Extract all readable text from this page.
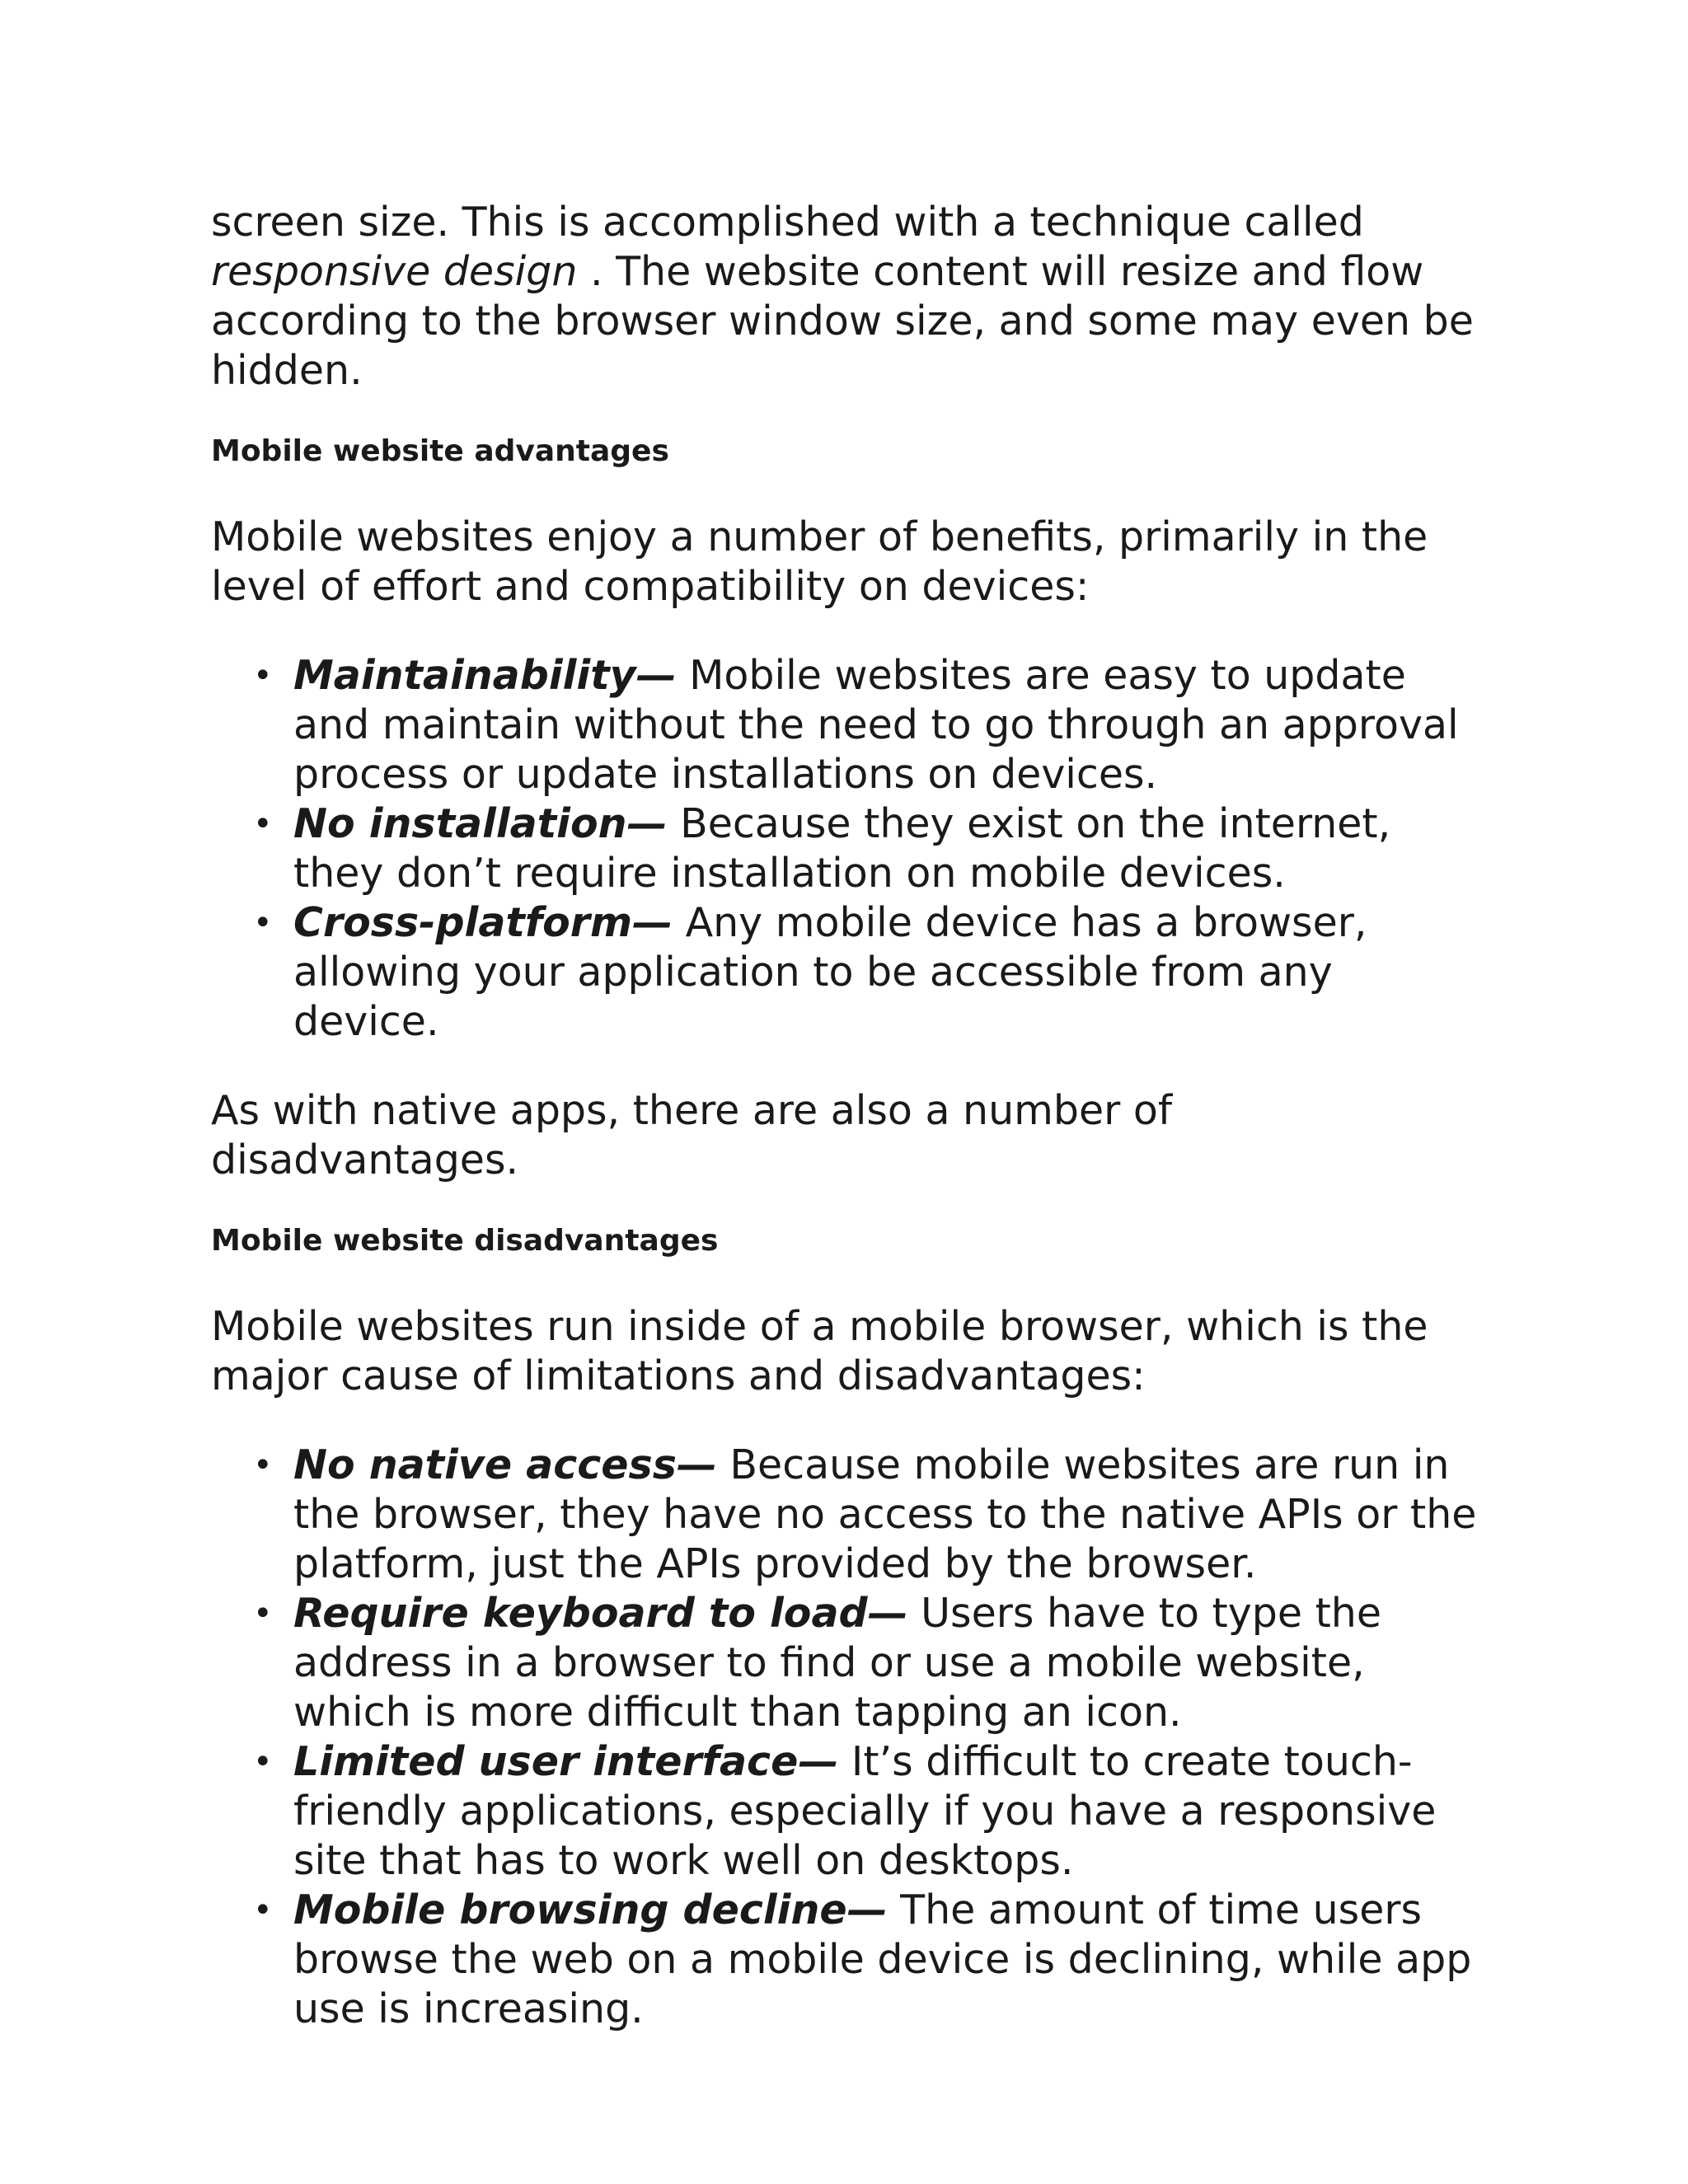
screen size. This is accomplished with a technique called responsive design . The website content will resize and flow according to the browser window size, and some may even be hidden.

Mobile website advantages

Mobile websites enjoy a number of benefits, primarily in the level of effort and compatibility on devices:

• Maintainability— Mobile websites are easy to update and maintain without the need to go through an approval process or update installations on devices.
• No installation— Because they exist on the internet, they don’t require installation on mobile devices.
• Cross-platform— Any mobile device has a browser, allowing your application to be accessible from any device.

As with native apps, there are also a number of disadvantages.

Mobile website disadvantages

Mobile websites run inside of a mobile browser, which is the major cause of limitations and disadvantages:

• No native access— Because mobile websites are run in the browser, they have no access to the native APIs or the platform, just the APIs provided by the browser.
• Require keyboard to load— Users have to type the address in a browser to find or use a mobile website, which is more difficult than tapping an icon.
• Limited user interface— It’s difficult to create touch-friendly applications, especially if you have a responsive site that has to work well on desktops.
• Mobile browsing decline— The amount of time users browse the web on a mobile device is declining, while app use is increasing.
